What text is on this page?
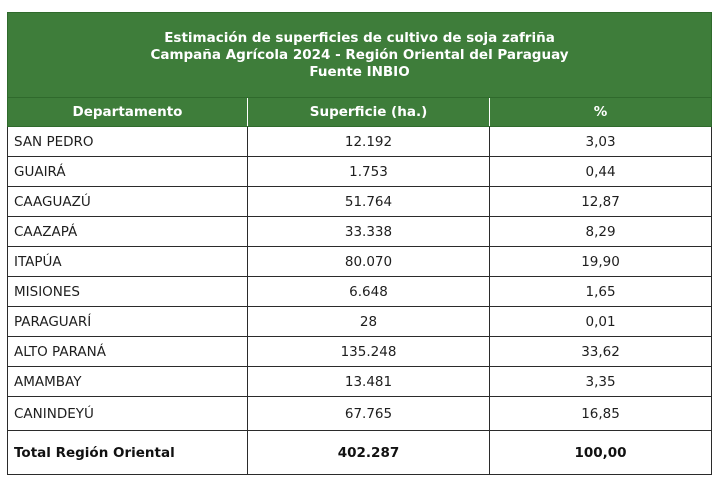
Estimación de superficies de cultivo de soja zafriña
Campaña Agrícola 2024 - Región Oriental del Paraguay
Fuente INBIO		

Departamento	Superficie (ha.)	%
SAN PEDRO	12.192	3,03
GUAIRÁ	1.753	0,44
CAAGUAZÚ	51.764	12,87
CAAZAPÁ	33.338	8,29
ITAPÚA	80.070	19,90
MISIONES	6.648	1,65
PARAGUARÍ	28	0,01
ALTO PARANÁ	135.248	33,62
AMAMBAY	13.481	3,35
CANINDEYÚ	67.765	16,85
Total Región Oriental	402.287	100,00
